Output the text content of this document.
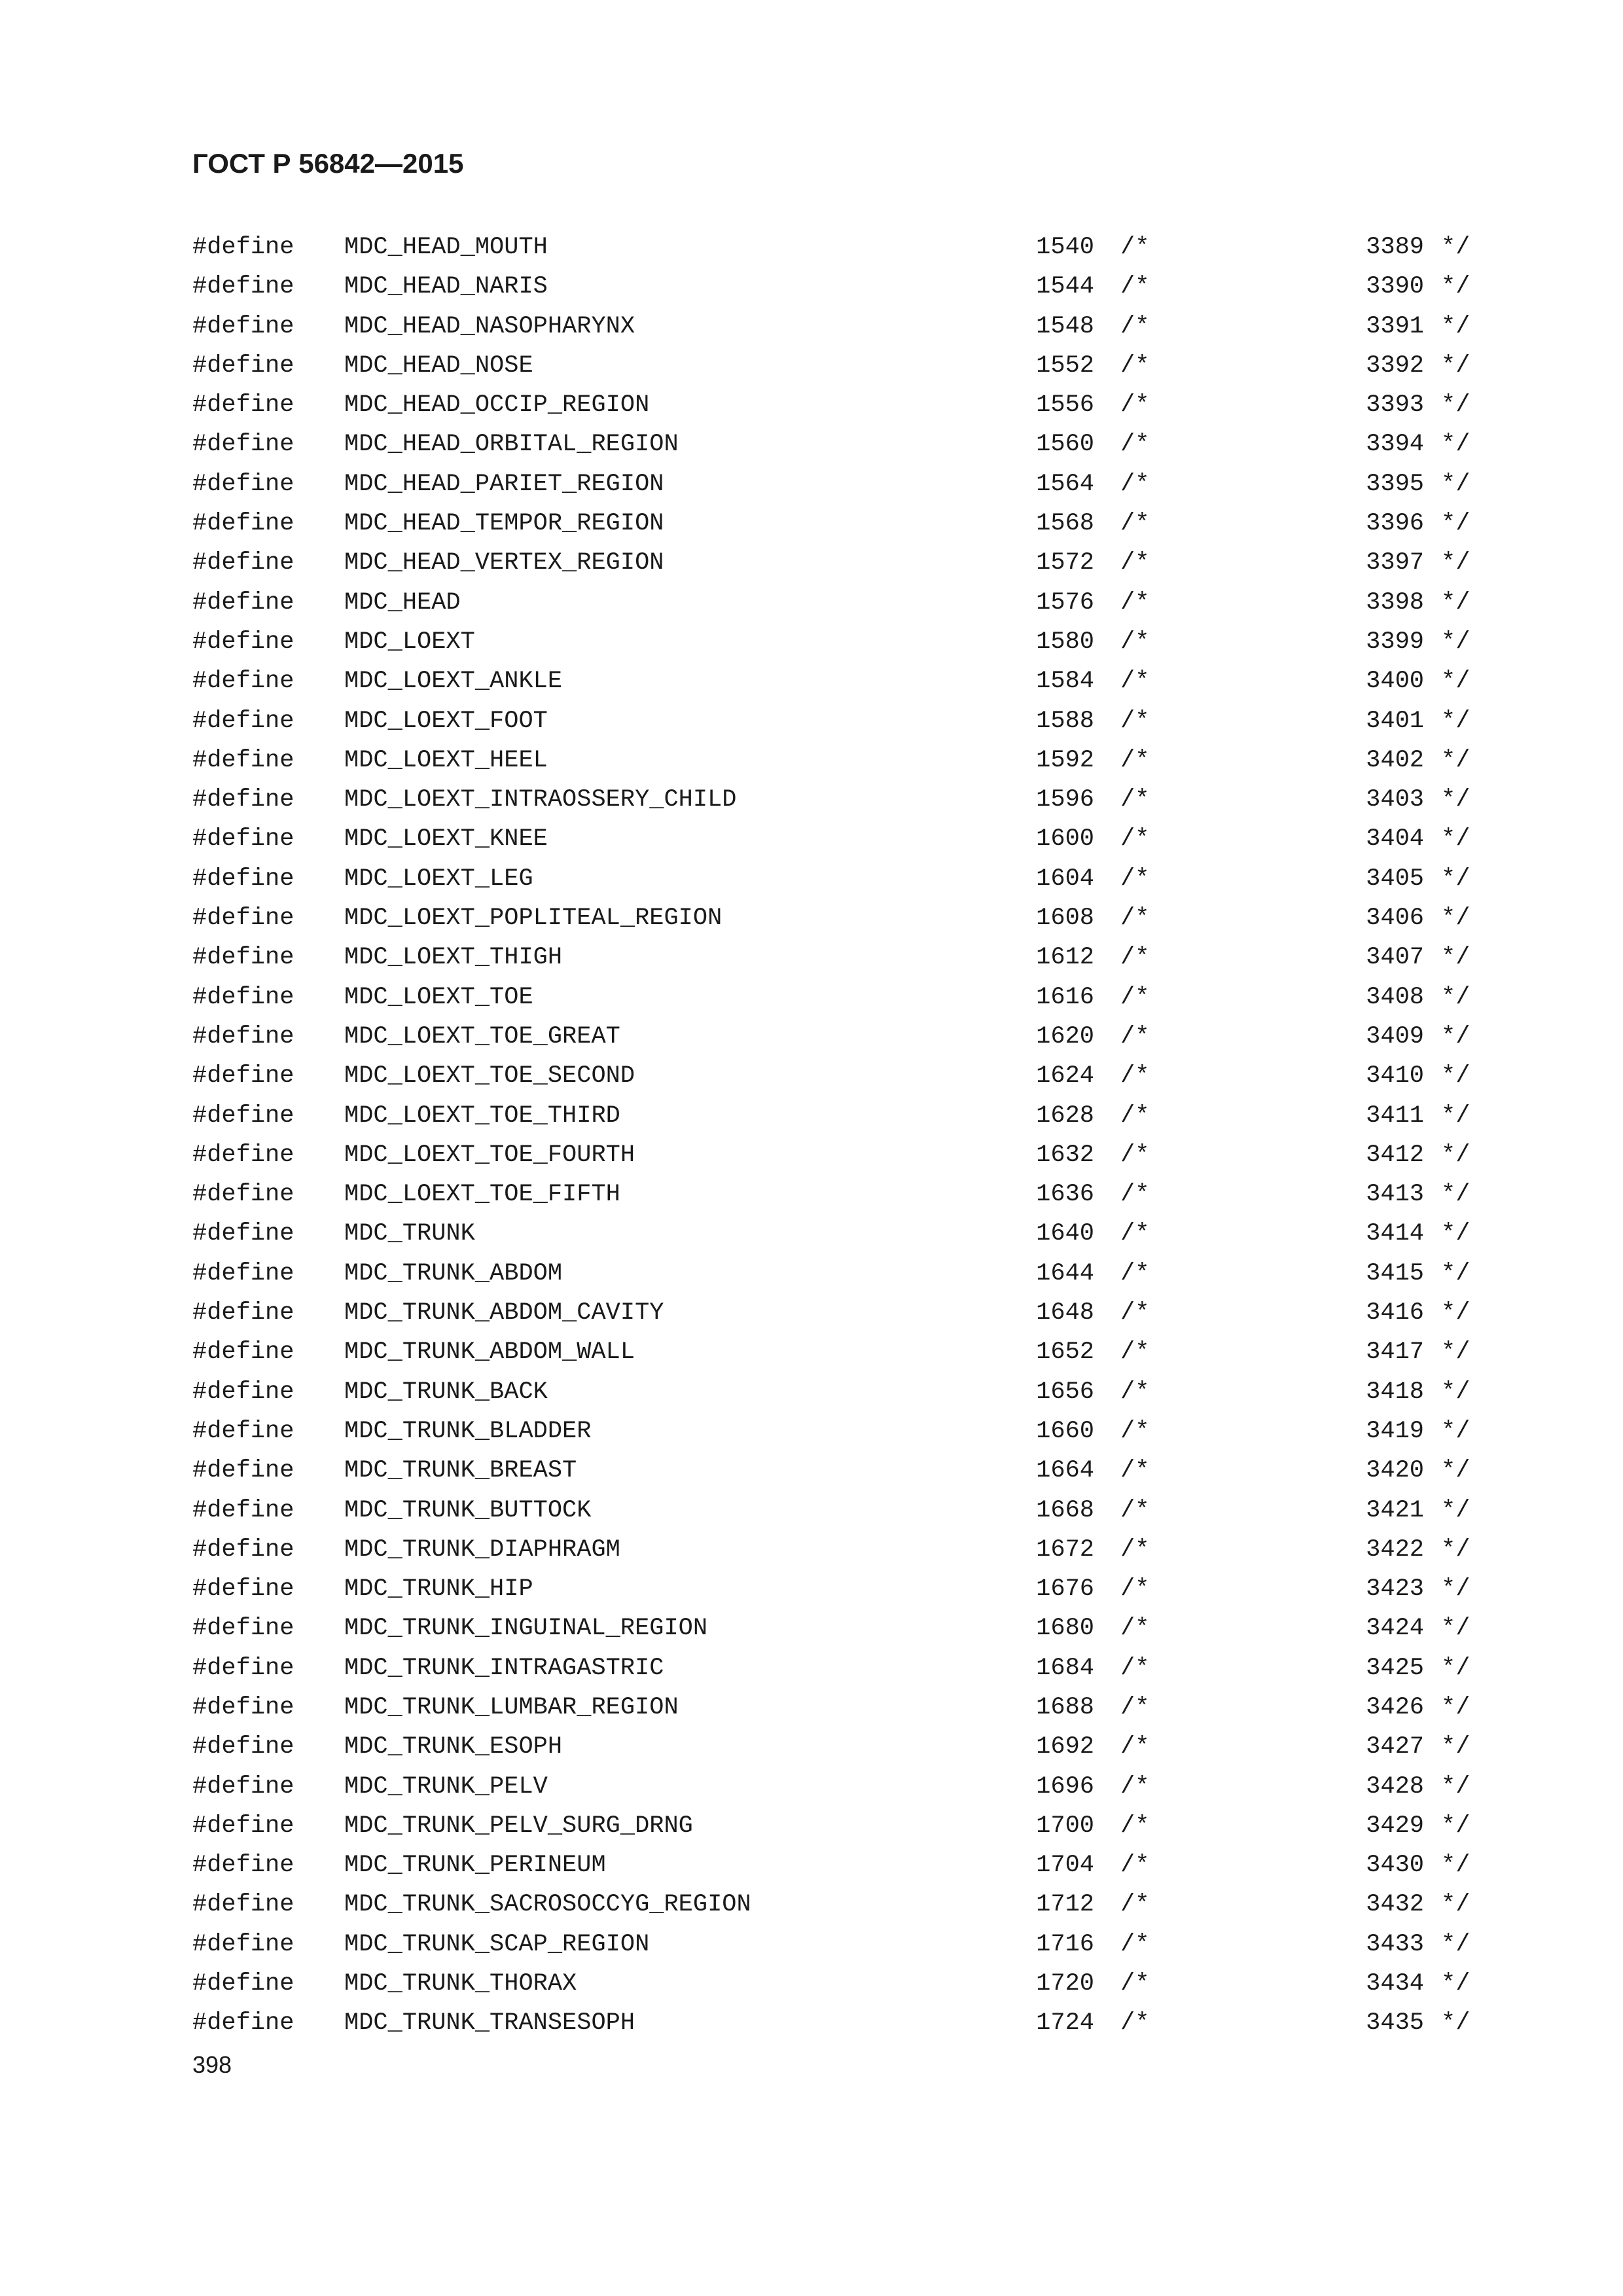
ГОСТ Р 56842—2015
#define MDC_HEAD_MOUTH	1540 /*	3389 */
#define MDC_HEAD_NARIS	1544 /*	3390 */
#define MDC_HEAD_NASOPHARYNX	1548 /*	3391 */
#define MDC_HEAD_NOSE	1552 /*	3392 */
#define MDC_HEAD_OCCIP_REGION	1556 /*	3393 */
#define MDC_HEAD_ORBITAL_REGION	1560 /*	3394 */
#define MDC_HEAD_PARIET_REGION	1564 /*	3395 */
#define MDC_HEAD_TEMPOR_REGION	1568 /*	3396 */
#define MDC_HEAD_VERTEX_REGION	1572 /*	3397 */
#define MDC_HEAD	1576 /*	3398 */
#define MDC_LOEXT	1580 /*	3399 */
#define MDC_LOEXT_ANKLE	1584 /*	3400 */
#define MDC_LOEXT_FOOT	1588 /*	3401 */
#define MDC_LOEXT_HEEL	1592 /*	3402 */
#define MDC_LOEXT_INTRAOSSERY_CHILD	1596 /*	3403 */
#define MDC_LOEXT_KNEE	1600 /*	3404 */
#define MDC_LOEXT_LEG	1604 /*	3405 */
#define MDC_LOEXT_POPLITEAL_REGION	1608 /*	3406 */
#define MDC_LOEXT_THIGH	1612 /*	3407 */
#define MDC_LOEXT_TOE	1616 /*	3408 */
#define MDC_LOEXT_TOE_GREAT	1620 /*	3409 */
#define MDC_LOEXT_TOE_SECOND	1624 /*	3410 */
#define MDC_LOEXT_TOE_THIRD	1628 /*	3411 */
#define MDC_LOEXT_TOE_FOURTH	1632 /*	3412 */
#define MDC_LOEXT_TOE_FIFTH	1636 /*	3413 */
#define MDC_TRUNK	1640 /*	3414 */
#define MDC_TRUNK_ABDOM	1644 /*	3415 */
#define MDC_TRUNK_ABDOM_CAVITY	1648 /*	3416 */
#define MDC_TRUNK_ABDOM_WALL	1652 /*	3417 */
#define MDC_TRUNK_BACK	1656 /*	3418 */
#define MDC_TRUNK_BLADDER	1660 /*	3419 */
#define MDC_TRUNK_BREAST	1664 /*	3420 */
#define MDC_TRUNK_BUTTOCK	1668 /*	3421 */
#define MDC_TRUNK_DIAPHRAGM	1672 /*	3422 */
#define MDC_TRUNK_HIP	1676 /*	3423 */
#define MDC_TRUNK_INGUINAL_REGION	1680 /*	3424 */
#define MDC_TRUNK_INTRAGASTRIC	1684 /*	3425 */
#define MDC_TRUNK_LUMBAR_REGION	1688 /*	3426 */
#define MDC_TRUNK_ESOPH	1692 /*	3427 */
#define MDC_TRUNK_PELV	1696 /*	3428 */
#define MDC_TRUNK_PELV_SURG_DRNG	1700 /*	3429 */
#define MDC_TRUNK_PERINEUM	1704 /*	3430 */
#define MDC_TRUNK_SACROSOCCYG_REGION	1712 /*	3432 */
#define MDC_TRUNK_SCAP_REGION	1716 /*	3433 */
#define MDC_TRUNK_THORAX	1720 /*	3434 */
#define MDC_TRUNK_TRANSESOPH	1724 /*	3435 */
398
